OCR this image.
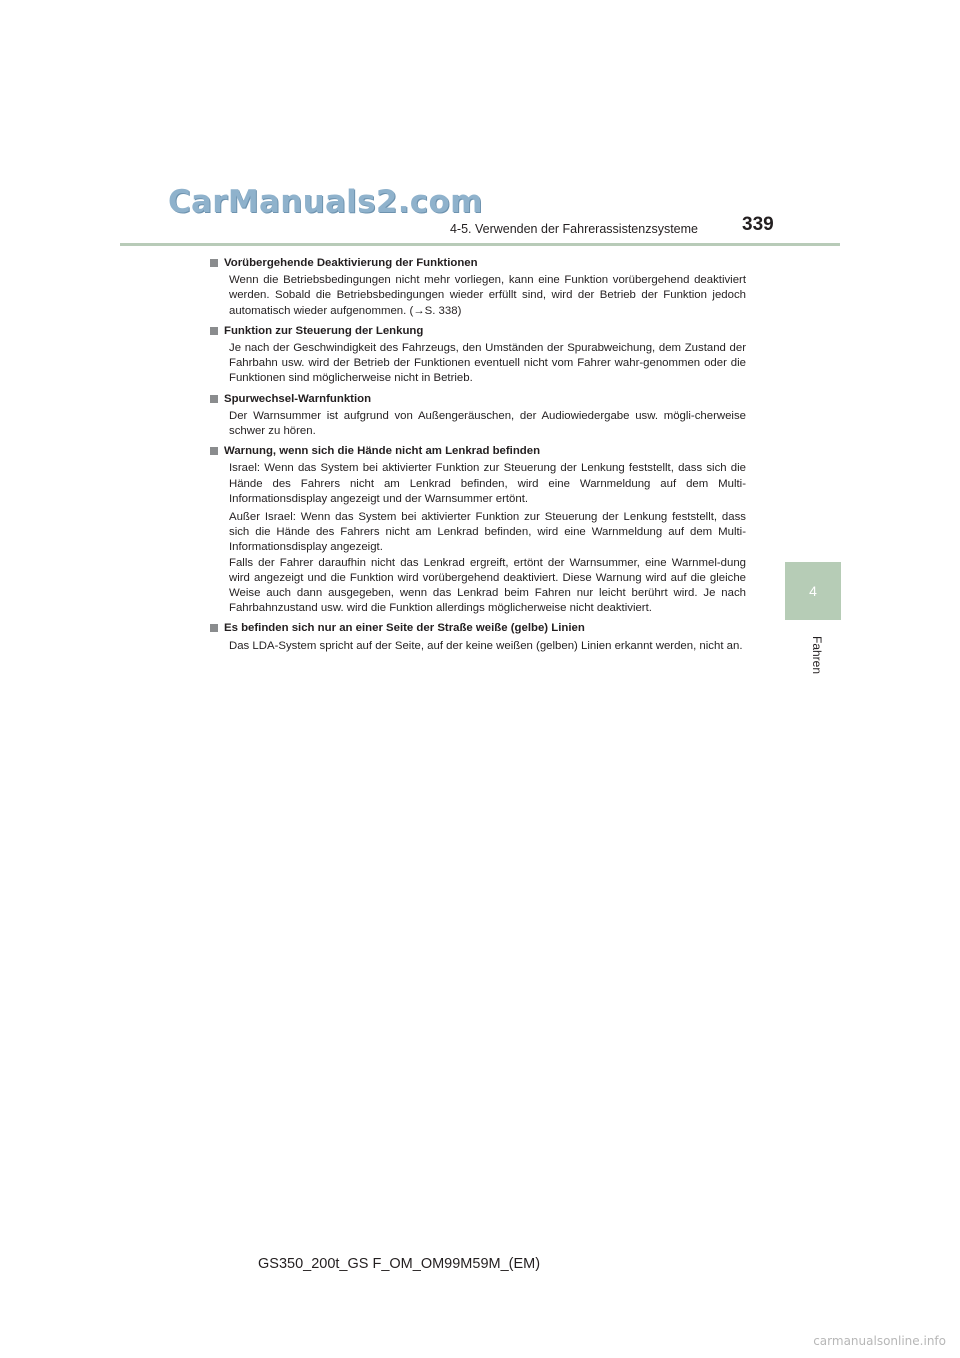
CarManuals2.com
4-5. Verwenden der Fahrerassistenzsysteme 339
4
Fahren
Vorübergehende Deaktivierung der Funktionen
Wenn die Betriebsbedingungen nicht mehr vorliegen, kann eine Funktion vorübergehend deaktiviert werden. Sobald die Betriebsbedingungen wieder erfüllt sind, wird der Betrieb der Funktion jedoch automatisch wieder aufgenommen. (→S. 338)
Funktion zur Steuerung der Lenkung
Je nach der Geschwindigkeit des Fahrzeugs, den Umständen der Spurabweichung, dem Zustand der Fahrbahn usw. wird der Betrieb der Funktionen eventuell nicht vom Fahrer wahr-genommen oder die Funktionen sind möglicherweise nicht in Betrieb.
Spurwechsel-Warnfunktion
Der Warnsummer ist aufgrund von Außengeräuschen, der Audiowiedergabe usw. mögli-cherweise schwer zu hören.
Warnung, wenn sich die Hände nicht am Lenkrad befinden
Israel: Wenn das System bei aktivierter Funktion zur Steuerung der Lenkung feststellt, dass sich die Hände des Fahrers nicht am Lenkrad befinden, wird eine Warnmeldung auf dem Multi-Informationsdisplay angezeigt und der Warnsummer ertönt.
Außer Israel: Wenn das System bei aktivierter Funktion zur Steuerung der Lenkung feststellt, dass sich die Hände des Fahrers nicht am Lenkrad befinden, wird eine Warnmeldung auf dem Multi-Informationsdisplay angezeigt.
Falls der Fahrer daraufhin nicht das Lenkrad ergreift, ertönt der Warnsummer, eine Warnmel-dung wird angezeigt und die Funktion wird vorübergehend deaktiviert. Diese Warnung wird auf die gleiche Weise auch dann ausgegeben, wenn das Lenkrad beim Fahren nur leicht berührt wird. Je nach Fahrbahnzustand usw. wird die Funktion allerdings möglicherweise nicht deaktiviert.
Es befinden sich nur an einer Seite der Straße weiße (gelbe) Linien
Das LDA-System spricht auf der Seite, auf der keine weißen (gelben) Linien erkannt werden, nicht an.
GS350_200t_GS F_OM_OM99M59M_(EM)
carmanualsonline.info
